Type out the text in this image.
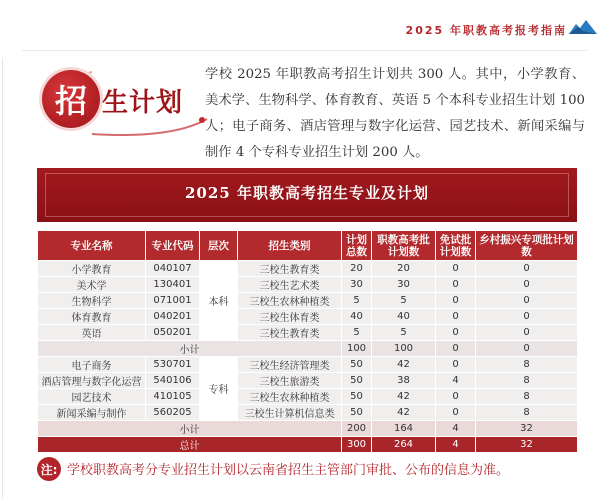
2025 年职教高考报考指南
招 生计划
学校 2025 年职教高考招生计划共 300 人。其中，小学教育、美术学、生物科学、体育教育、英语 5 个本科专业招生计划 100 人；电子商务、酒店管理与数字化运营、园艺技术、新闻采编与制作 4 个专科专业招生计划 200 人。
2025 年职教高考招生专业及计划
专业名称	专业代码	层次	招生类别	计划总数	职教高考批计划数	免试批计划数	乡村振兴专项批计划数
小学教育	040107	本科	三校生教育类	20	20	0	0
美术学	130401		三校生艺术类	30	30	0	0
生物科学	071001		三校生农林种植类	5	5	0	0
体育教育	040201		三校生体育类	40	40	0	0
英语	050201		三校生教育类	5	5	0	0
小计				100	100	0	0
电子商务	530701	专科	三校生经济管理类	50	42	0	8
酒店管理与数字化运营	540106		三校生旅游类	50	38	4	8
园艺技术	410105		三校生农林种植类	50	42	0	8
新闻采编与制作	560205		三校生计算机信息类	50	42	0	8
小计				200	164	4	32
总计				300	264	4	32
注: 学校职教高考分专业招生计划以云南省招生主管部门审批、公布的信息为准。
